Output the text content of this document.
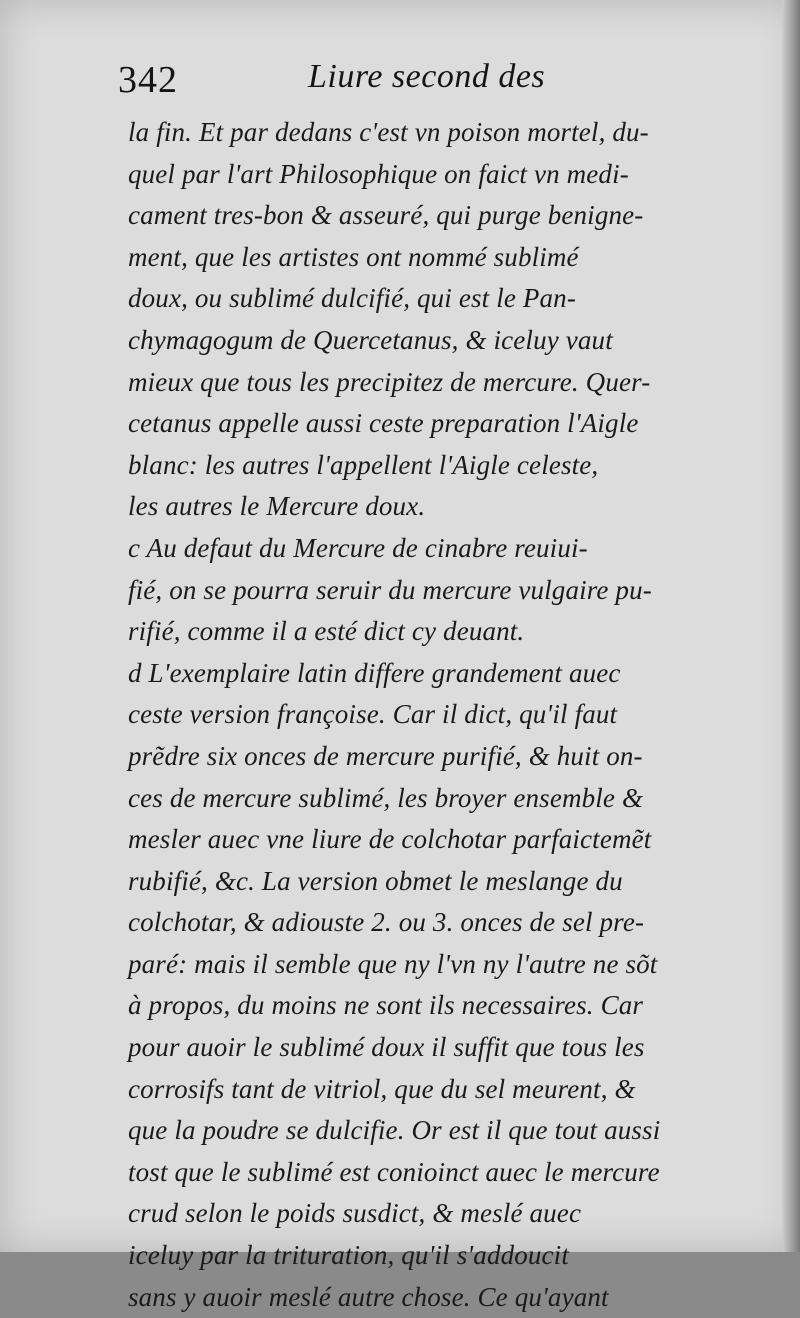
342	Liure second des
la fin. Et par dedans c'est vn poison mortel, du-
quel par l'art Philosophique on faict vn medi-
cament tres-bon & asseuré, qui purge benigne-
ment, que les artistes ont nommé sublimé
doux, ou sublimé dulcifié, qui est le Pan-
chymagogum de Quercetanus, & iceluy vaut
mieux que tous les precipitez de mercure. Quer-
cetanus appelle aussi ceste preparation l'Aigle
blanc: les autres l'appellent l'Aigle celeste,
les autres le Mercure doux.
c Au defaut du Mercure de cinabre reuiui-
fié, on se pourra seruir du mercure vulgaire pu-
rifié, comme il a esté dict cy deuant.
d L'exemplaire latin differe grandement auec
ceste version françoise. Car il dict, qu'il faut
prẽdre six onces de mercure purifié, & huit on-
ces de mercure sublimé, les broyer ensemble &
mesler auec vne liure de colchotar parfaictemẽt
rubifié, &c. La version obmet le meslange du
colchotar, & adiouste 2. ou 3. onces de sel pre-
paré: mais il semble que ny l'vn ny l'autre ne sõt
à propos, du moins ne sont ils necessaires. Car
pour auoir le sublimé doux il suffit que tous les
corrosifs tant de vitriol, que du sel meurent, &
que la poudre se dulcifie. Or est il que tout aussi
tost que le sublimé est conioinct auec le mercure
crud selon le poids susdict, & meslé auec
iceluy par la trituration, qu'il s'addoucit
sans y auoir meslé autre chose. Ce qu'ayant
